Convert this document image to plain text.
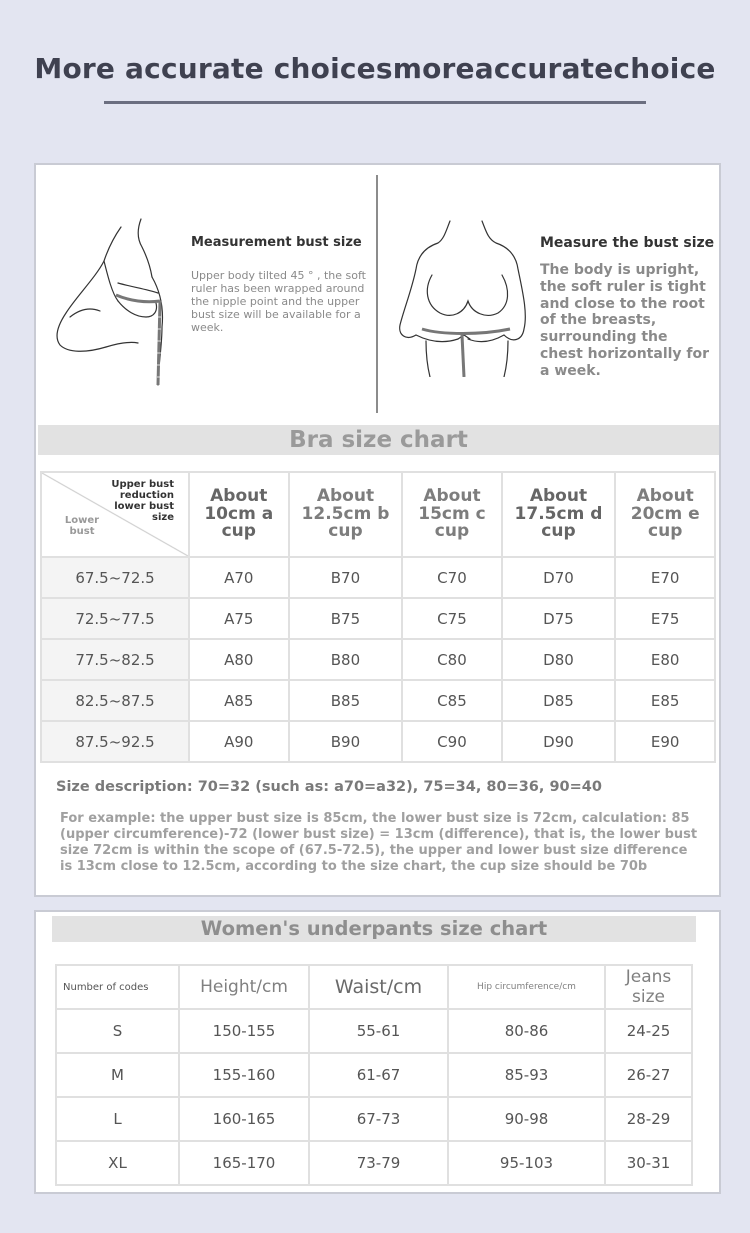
More accurate choicesmoreaccuratechoice
Measurement bust size
Upper body tilted 45 ° , the soft ruler has been wrapped around the nipple point and the upper bust size will be available for a week.
Measure the bust size
The body is upright, the soft ruler is tight and close to the root of the breasts, surrounding the chest horizontally for a week.
Bra size chart
Upper bust reduction lower bust size
Lower bust	About 10cm a cup	About 12.5cm b cup	About 15cm c cup	About 17.5cm d cup	About 20cm e cup
67.5~72.5	A70	B70	C70	D70	E70
72.5~77.5	A75	B75	C75	D75	E75
77.5~82.5	A80	B80	C80	D80	E80
82.5~87.5	A85	B85	C85	D85	E85
87.5~92.5	A90	B90	C90	D90	E90
Size description: 70=32 (such as: a70=a32), 75=34, 80=36, 90=40
For example: the upper bust size is 85cm, the lower bust size is 72cm, calculation: 85 (upper circumference)-72 (lower bust size) = 13cm (difference), that is, the lower bust size 72cm is within the scope of (67.5-72.5), the upper and lower bust size difference is 13cm close to 12.5cm, according to the size chart, the cup size should be 70b
Women's underpants size chart
Number of codes	Height/cm	Waist/cm	Hip circumference/cm	Jeans size
S	150-155	55-61	80-86	24-25
M	155-160	61-67	85-93	26-27
L	160-165	67-73	90-98	28-29
XL	165-170	73-79	95-103	30-31
